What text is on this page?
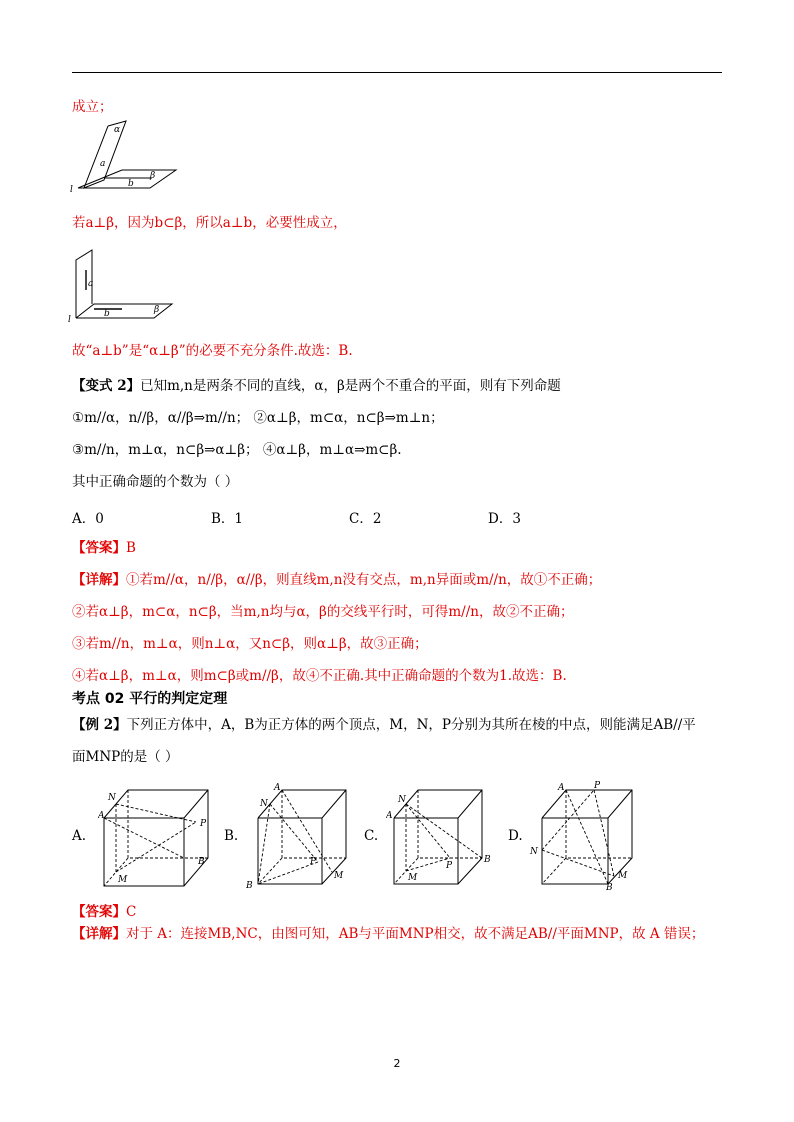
成立；
α
a
b
β
l
若a⊥β，因为b⊂β，所以a⊥b，必要性成立，
a
b	β
l
故“a⊥b”是“α⊥β”的必要不充分条件.故选：B.
【变式 2】已知m,n是两条不同的直线，α，β是两个不重合的平面，则有下列命题
①m//α，n//β，α//β⇒m//n； ②α⊥β，m⊂α，n⊂β⇒m⊥n；
③m//n，m⊥α，n⊂β⇒α⊥β； ④α⊥β，m⊥α⇒m⊂β.
其中正确命题的个数为（ ）
A．0	B．1	C．2	D．3
【答案】B
【详解】①若m//α，n//β，α//β，则直线m,n没有交点，m,n异面或m//n，故①不正确；
②若α⊥β，m⊂α，n⊂β，当m,n均与α，β的交线平行时，可得m//n，故②不正确；
③若m//n，m⊥α，则n⊥α，又n⊂β，则α⊥β，故③正确；
④若α⊥β，m⊥α，则m⊂β或m//β，故④不正确.其中正确命题的个数为1.故选：B.
考点 02 平行的判定定理
【例 2】下列正方体中，A，B为正方体的两个顶点，M，N，P分别为其所在棱的中点，则能满足AB//平
面MNP的是（ ）
A.
A
N
P
B
M
B.
A
N
P
B
M
C.
A
N
P
B
M
D.
A	P
N
M
B
【答案】C
【详解】对于 A：连接MB,NC，由图可知，AB与平面MNP相交，故不满足AB//平面MNP，故 A 错误；
2
